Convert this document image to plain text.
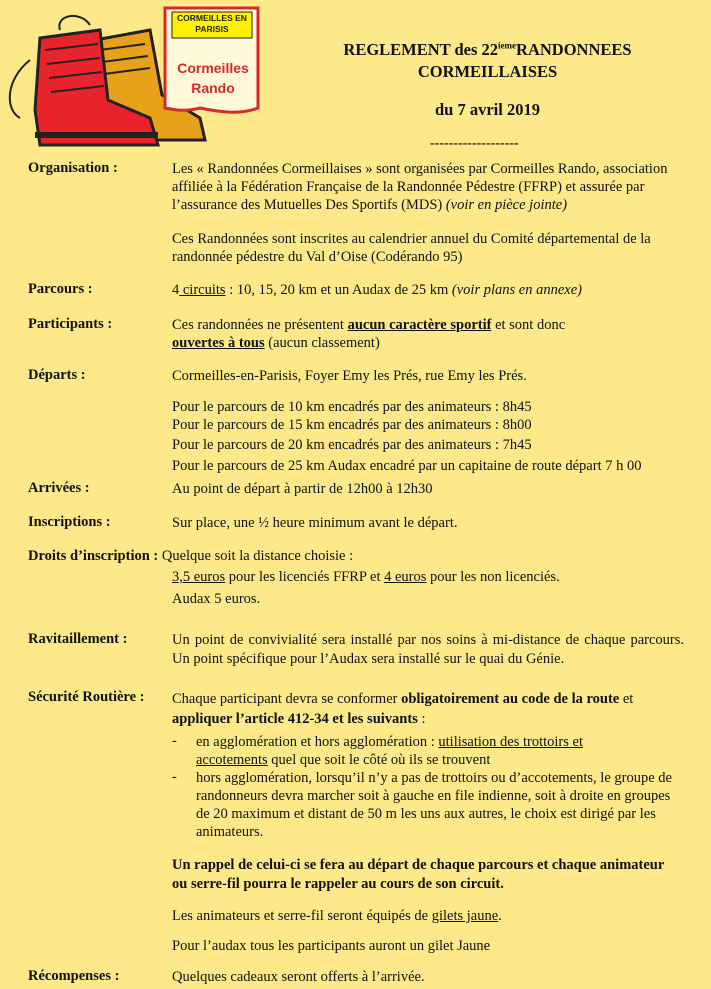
CORMEILLES EN PARISIS
Cormeilles
Rando
REGLEMENT des 22iemeRANDONNEES
CORMEILLAISES
du 7 avril 2019
-------------------
Organisation :	Les « Randonnées Cormeillaises » sont organisées par Cormeilles Rando, association affiliée à la Fédération Française de la Randonnée Pédestre (FFRP) et assurée par l’assurance des Mutuelles Des Sportifs (MDS) (voir en pièce jointe)
Ces Randonnées sont inscrites au calendrier annuel du Comité départemental de la randonnée pédestre du Val d’Oise (Codérando 95)
Parcours :	4 circuits : 10, 15, 20 km et un Audax de 25 km (voir plans en annexe)
Participants :	Ces randonnées ne présentent aucun caractère sportif et sont donc
ouvertes à tous (aucun classement)
Départs :	Cormeilles-en-Parisis, Foyer Emy les Prés, rue Emy les Prés.
Pour le parcours de 10 km encadrés par des animateurs : 8h45
Pour le parcours de 15 km encadrés par des animateurs : 8h00
Pour le parcours de 20 km encadrés par des animateurs : 7h45
Pour le parcours de 25 km Audax encadré par un capitaine de route départ 7 h 00
Arrivées :	Au point de départ à partir de 12h00 à 12h30
Inscriptions :	Sur place, une ½ heure minimum avant le départ.
Droits d’inscription : Quelque soit la distance choisie :
3,5 euros pour les licenciés FFRP et 4 euros pour les non licenciés.
Audax 5 euros.
Ravitaillement :	Un point de convivialité sera installé par nos soins à mi-distance de chaque parcours. Un point spécifique pour l’Audax sera installé sur le quai du Génie.
Sécurité Routière : Chaque participant devra se conformer obligatoirement au code de la route et
appliquer l’article 412-34 et les suivants :
- en agglomération et hors agglomération : utilisation des trottoirs et accotements quel que soit le côté où ils se trouvent
- hors agglomération, lorsqu’il n’y a pas de trottoirs ou d’accotements, le groupe de randonneurs devra marcher soit à gauche en file indienne, soit à droite en groupes de 20 maximum et distant de 50 m les uns aux autres, le choix est dirigé par les animateurs.
Un rappel de celui-ci se fera au départ de chaque parcours et chaque animateur ou serre-fil pourra le rappeler au cours de son circuit.
Les animateurs et serre-fil seront équipés de gilets jaune.
Pour l’audax tous les participants auront un gilet Jaune
Récompenses :	Quelques cadeaux seront offerts à l’arrivée.
